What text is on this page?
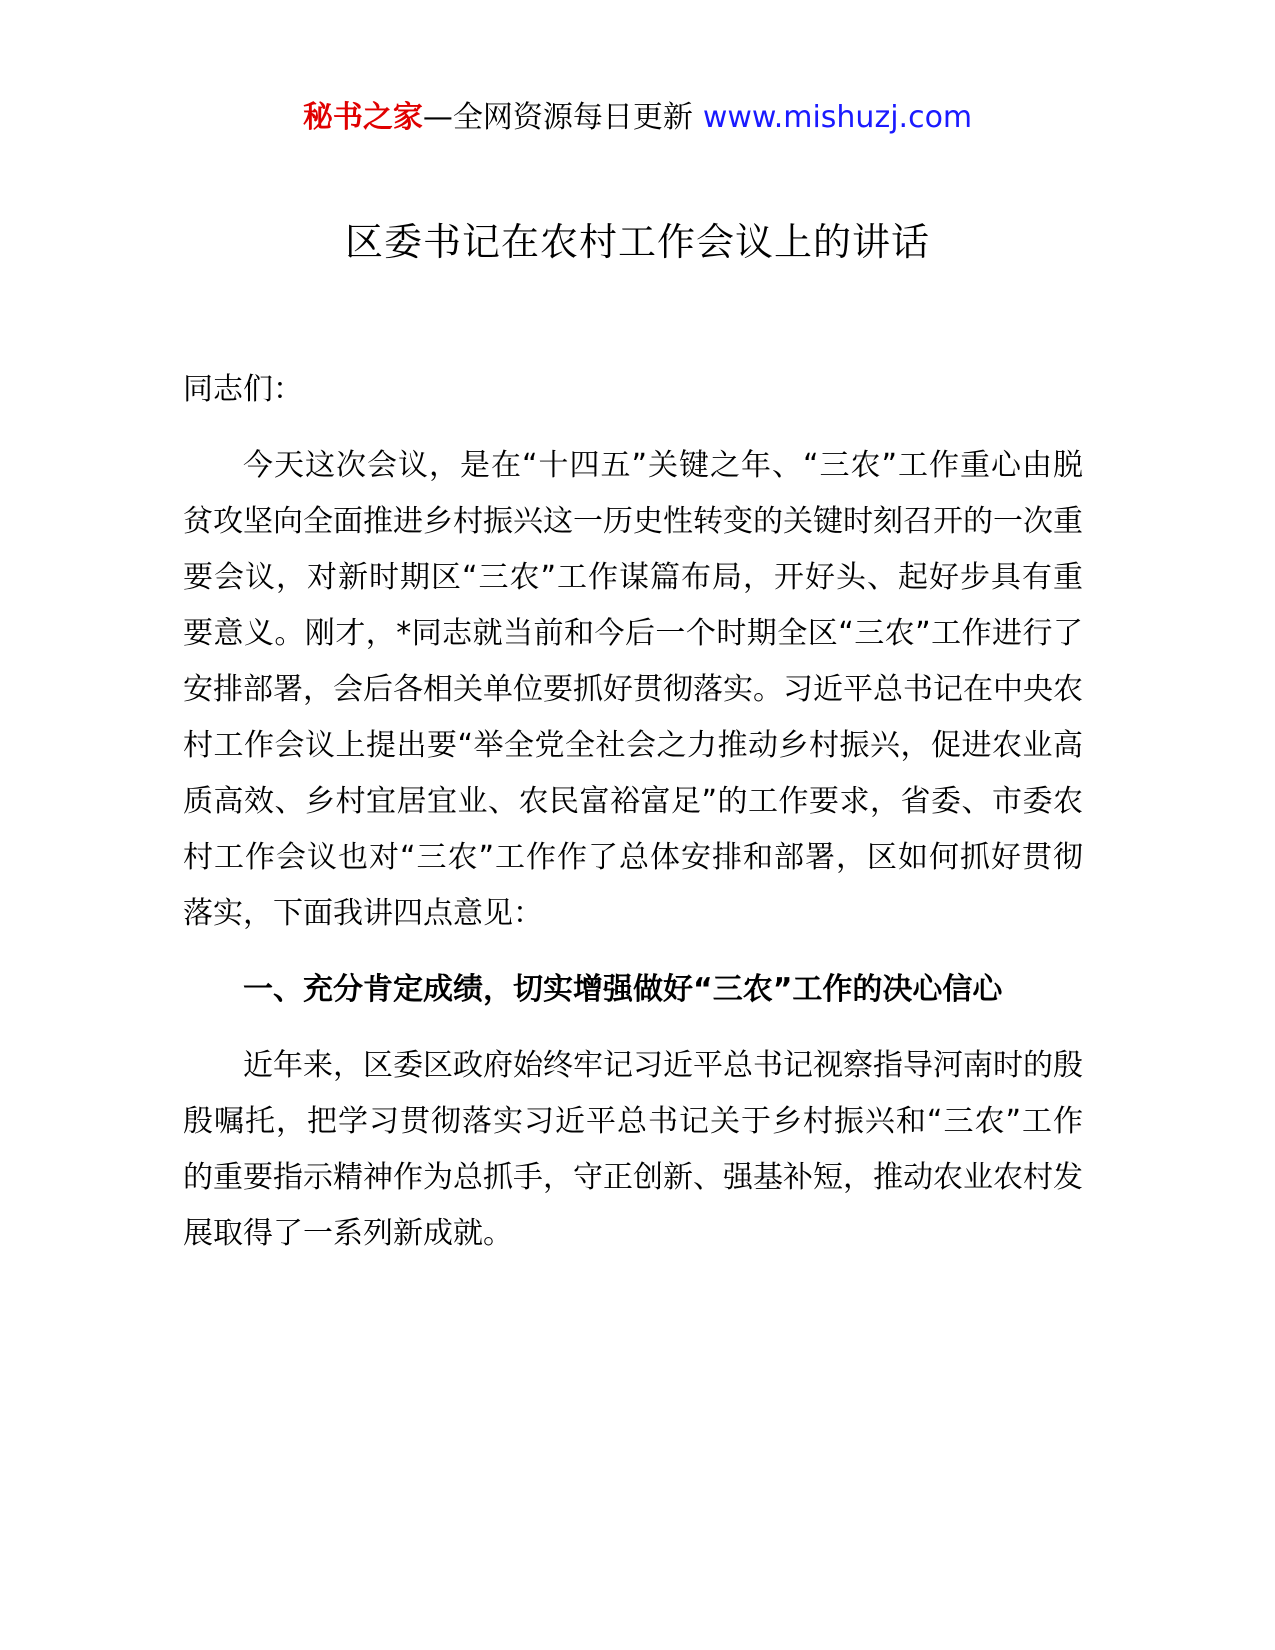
秘书之家—全网资源每日更新 www.mishuzj.com
区委书记在农村工作会议上的讲话

同志们：

今天这次会议，是在“十四五”关键之年、“三农”工作重心由脱贫攻坚向全面推进乡村振兴这一历史性转变的关键时刻召开的一次重要会议，对新时期区“三农”工作谋篇布局，开好头、起好步具有重要意义。刚才，*同志就当前和今后一个时期全区“三农”工作进行了安排部署，会后各相关单位要抓好贯彻落实。习近平总书记在中央农村工作会议上提出要“举全党全社会之力推动乡村振兴，促进农业高质高效、乡村宜居宜业、农民富裕富足”的工作要求，省委、市委农村工作会议也对“三农”工作作了总体安排和部署，区如何抓好贯彻落实，下面我讲四点意见：

一、充分肯定成绩，切实增强做好“三农”工作的决心信心

近年来，区委区政府始终牢记习近平总书记视察指导河南时的殷殷嘱托，把学习贯彻落实习近平总书记关于乡村振兴和“三农”工作的重要指示精神作为总抓手，守正创新、强基补短，推动农业农村发展取得了一系列新成就。
